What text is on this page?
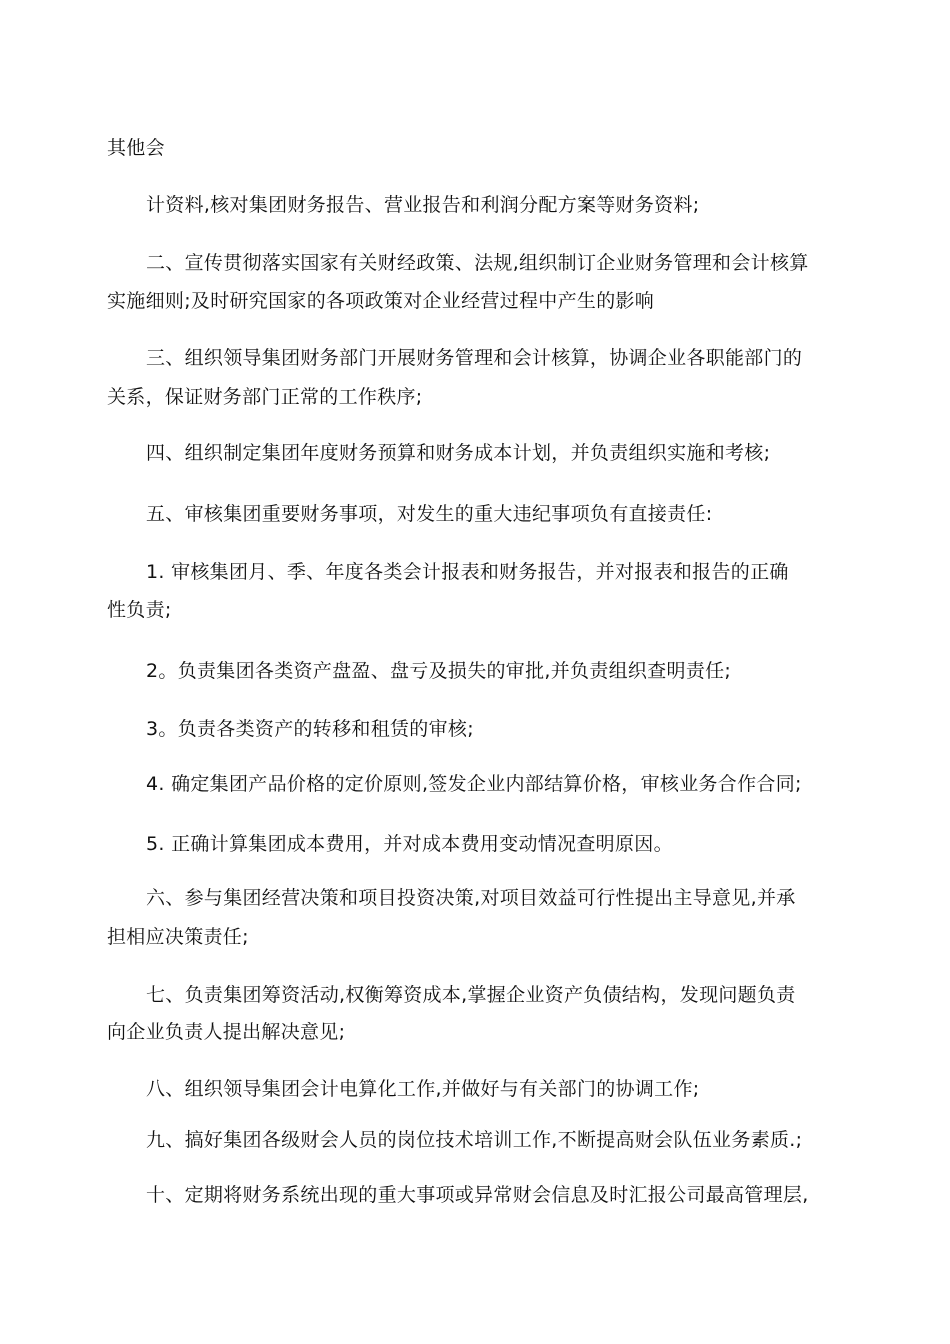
其他会
计资料,核对集团财务报告、营业报告和利润分配方案等财务资料;
二、宣传贯彻落实国家有关财经政策、法规,组织制订企业财务管理和会计核算
实施细则;及时研究国家的各项政策对企业经营过程中产生的影响
三、组织领导集团财务部门开展财务管理和会计核算，协调企业各职能部门的
关系，保证财务部门正常的工作秩序;
四、组织制定集团年度财务预算和财务成本计划，并负责组织实施和考核;
五、审核集团重要财务事项，对发生的重大违纪事项负有直接责任:
1. 审核集团月、季、年度各类会计报表和财务报告，并对报表和报告的正确
性负责;
2。负责集团各类资产盘盈、盘亏及损失的审批,并负责组织查明责任;
3。负责各类资产的转移和租赁的审核;
4. 确定集团产品价格的定价原则,签发企业内部结算价格，审核业务合作合同;
5. 正确计算集团成本费用，并对成本费用变动情况查明原因。
六、参与集团经营决策和项目投资决策,对项目效益可行性提出主导意见,并承
担相应决策责任;
七、负责集团筹资活动,权衡筹资成本,掌握企业资产负债结构，发现问题负责
向企业负责人提出解决意见;
八、组织领导集团会计电算化工作,并做好与有关部门的协调工作;
九、搞好集团各级财会人员的岗位技术培训工作,不断提高财会队伍业务素质.;
十、定期将财务系统出现的重大事项或异常财会信息及时汇报公司最高管理层,
